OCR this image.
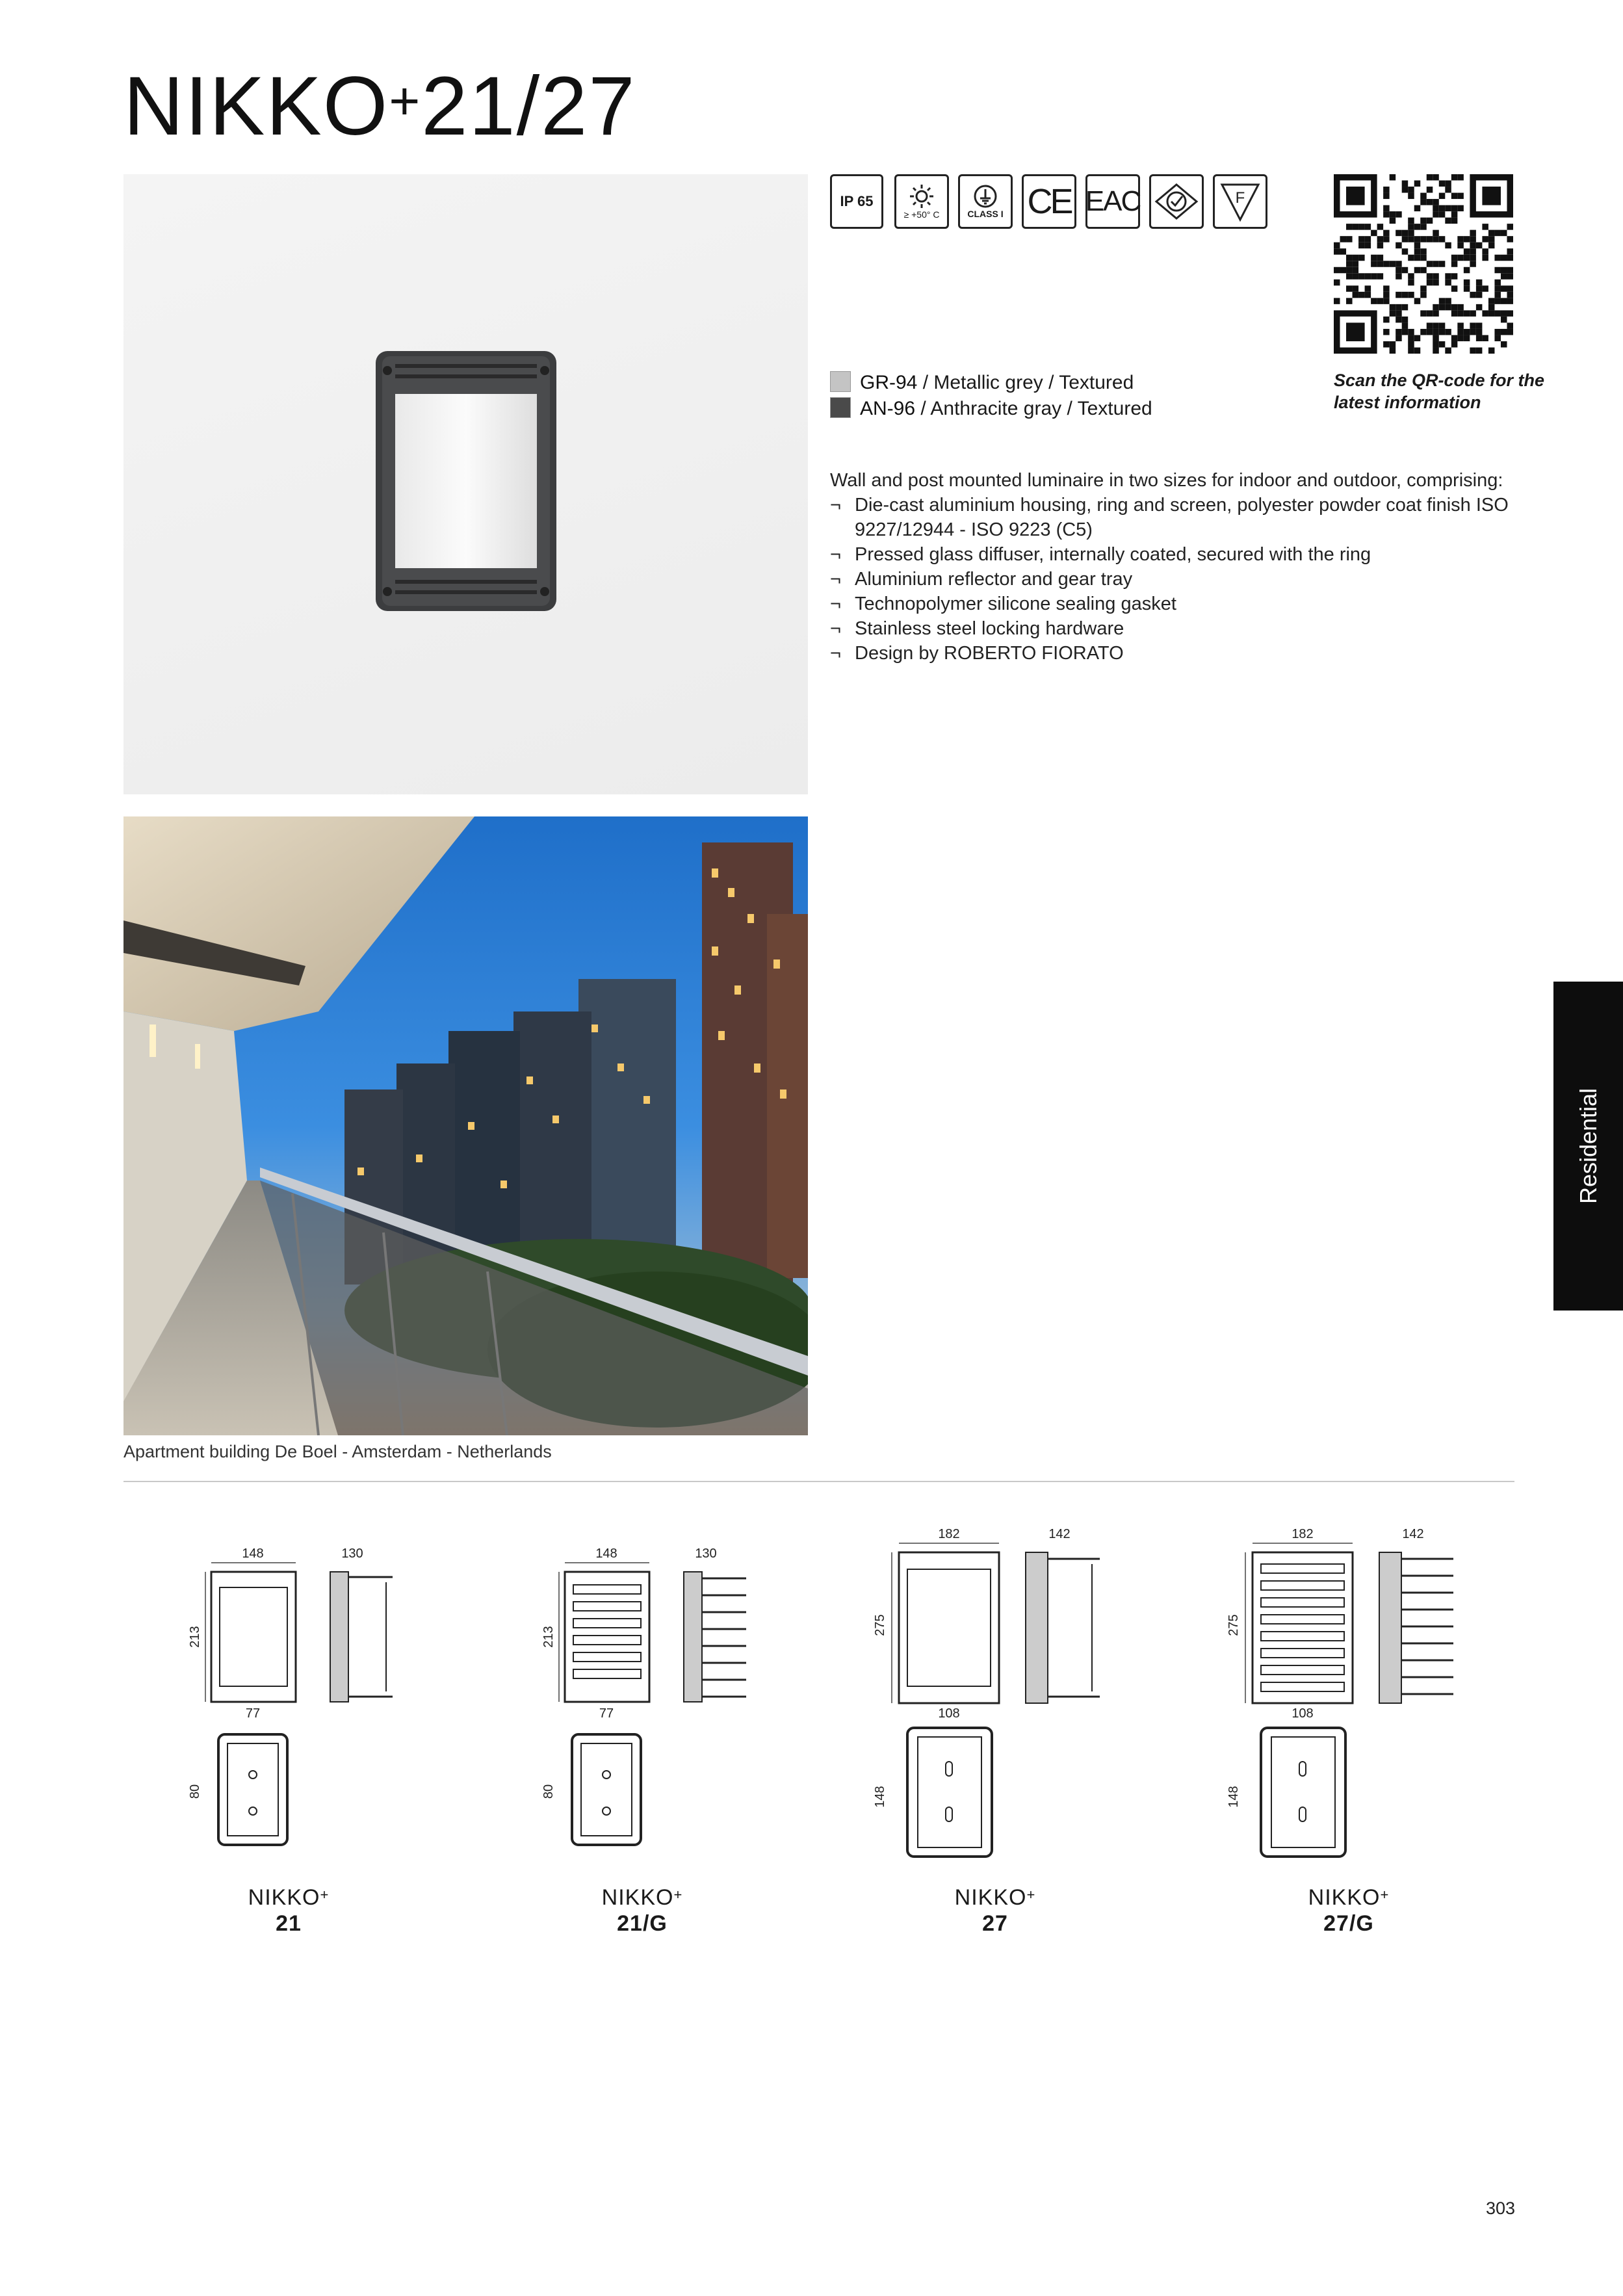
NIKKO+21/27
IP 65
≥ +50° C	CLASS I CE EAC	F
Scan the QR-code for the latest information
GR-94 / Metallic grey / Textured
AN-96 / Anthracite gray / Textured
Wall and post mounted luminaire in two sizes for indoor and outdoor, comprising:
¬ Die-cast aluminium housing, ring and screen, polyester powder coat finish ISO 9227/12944 - ISO 9223 (C5)
¬ Pressed glass diffuser, internally coated, secured with the ring
¬ Aluminium reflector and gear tray
¬ Technopolymer silicone sealing gasket
¬ Stainless steel locking hardware
¬ Design by ROBERTO FIORATO
Apartment building De Boel - Amsterdam - Netherlands
Residential
148	130
213
77
80
NIKKO+
21
148	130
213
77
80
NIKKO+
21/G
182	142
275
108
148
NIKKO+
27
182	142
275
108
148
NIKKO+
27/G
303
